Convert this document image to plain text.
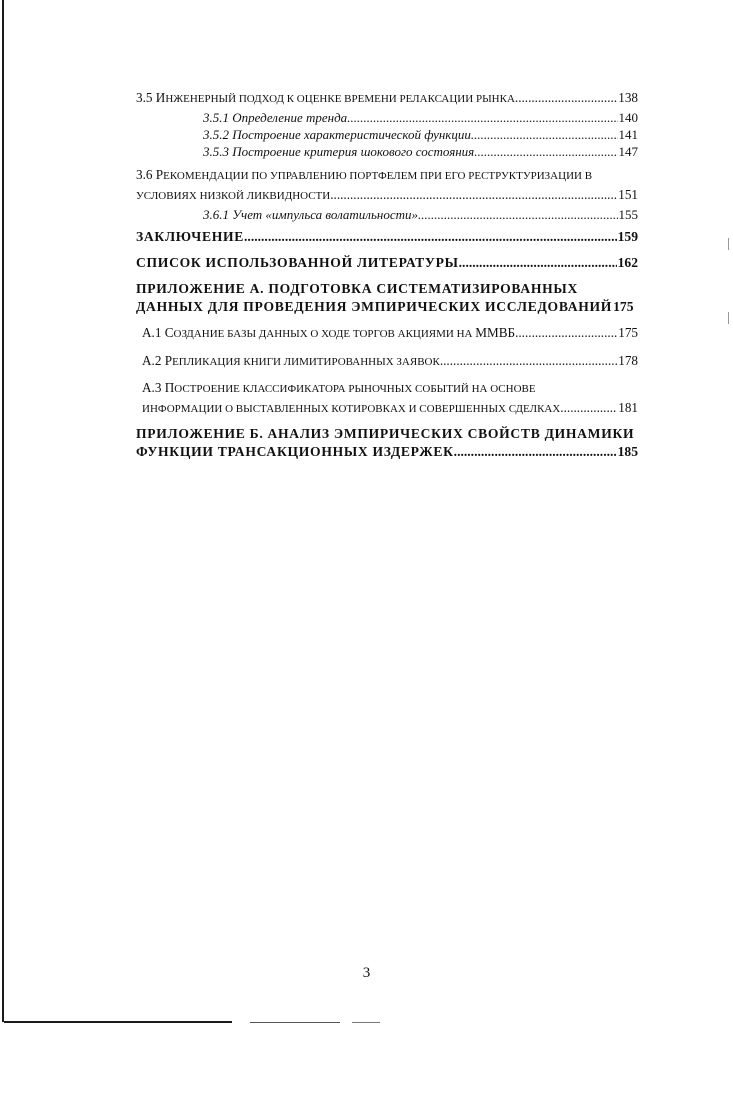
3.5 ИНЖЕНЕРНЫЙ ПОДХОД К ОЦЕНКЕ ВРЕМЕНИ РЕЛАКСАЦИИ РЫНКА .....	138
3.5.1 Определение тренда .....	140
3.5.2 Построение характеристической функции .....	141
3.5.3 Построение критерия шокового состояния .....	147
3.6 РЕКОМЕНДАЦИИ ПО УПРАВЛЕНИЮ ПОРТФЕЛЕМ ПРИ ЕГО РЕСТРУКТУРИЗАЦИИ В
УСЛОВИЯХ НИЗКОЙ ЛИКВИДНОСТИ .....	151
3.6.1 Учет «импульса волатильности» .....	155
ЗАКЛЮЧЕНИЕ .....	159
СПИСОК ИСПОЛЬЗОВАННОЙ ЛИТЕРАТУРЫ .....	162
ПРИЛОЖЕНИЕ А. ПОДГОТОВКА СИСТЕМАТИЗИРОВАННЫХ
ДАННЫХ ДЛЯ ПРОВЕДЕНИЯ ЭМПИРИЧЕСКИХ ИССЛЕДОВАНИЙ 175
А.1 СОЗДАНИЕ БАЗЫ ДАННЫХ О ХОДЕ ТОРГОВ АКЦИЯМИ НА ММВБ .....	175
А.2 РЕПЛИКАЦИЯ КНИГИ ЛИМИТИРОВАННЫХ ЗАЯВОК .....	178
А.3 ПОСТРОЕНИЕ КЛАССИФИКАТОРА РЫНОЧНЫХ СОБЫТИЙ НА ОСНОВЕ
ИНФОРМАЦИИ О ВЫСТАВЛЕННЫХ КОТИРОВКАХ И СОВЕРШЕННЫХ СДЕЛКАХ .....	181
ПРИЛОЖЕНИЕ Б. АНАЛИЗ ЭМПИРИЧЕСКИХ СВОЙСТВ ДИНАМИКИ
ФУНКЦИИ ТРАНСАКЦИОННЫХ ИЗДЕРЖЕК .....	185
3
